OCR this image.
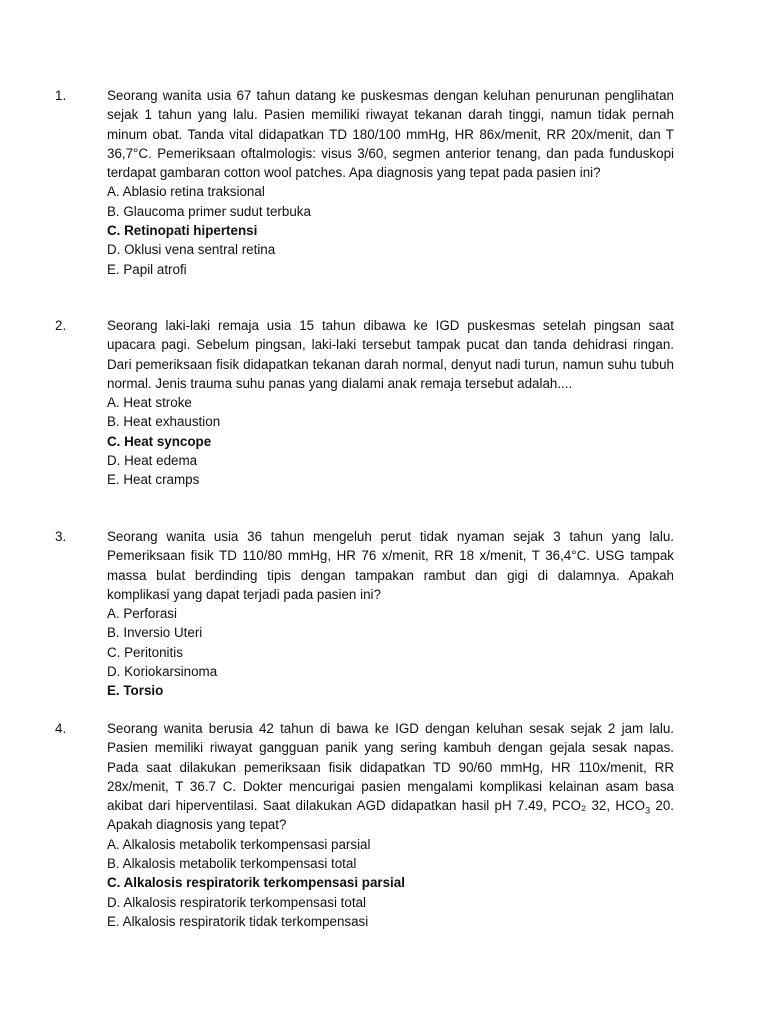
1.	Seorang wanita usia 67 tahun datang ke puskesmas dengan keluhan penurunan penglihatan sejak 1 tahun yang lalu. Pasien memiliki riwayat tekanan darah tinggi, namun tidak pernah minum obat. Tanda vital didapatkan TD 180/100 mmHg, HR 86x/menit, RR 20x/menit, dan T 36,7°C. Pemeriksaan oftalmologis: visus 3/60, segmen anterior tenang, dan pada funduskopi terdapat gambaran cotton wool patches. Apa diagnosis yang tepat pada pasien ini?

A. Ablasio retina traksional

B. Glaucoma primer sudut terbuka

C. Retinopati hipertensi

D. Oklusi vena sentral retina

E. Papil atrofi

2.	Seorang laki-laki remaja usia 15 tahun dibawa ke IGD puskesmas setelah pingsan saat upacara pagi. Sebelum pingsan, laki-laki tersebut tampak pucat dan tanda dehidrasi ringan. Dari pemeriksaan fisik didapatkan tekanan darah normal, denyut nadi turun, namun suhu tubuh normal. Jenis trauma suhu panas yang dialami anak remaja tersebut adalah....

A. Heat stroke

B. Heat exhaustion

C. Heat syncope

D. Heat edema

E. Heat cramps

3.	Seorang wanita usia 36 tahun mengeluh perut tidak nyaman sejak 3 tahun yang lalu. Pemeriksaan fisik TD 110/80 mmHg, HR 76 x/menit, RR 18 x/menit, T 36,4°C. USG tampak massa bulat berdinding tipis dengan tampakan rambut dan gigi di dalamnya. Apakah komplikasi yang dapat terjadi pada pasien ini?

A. Perforasi

B. Inversio Uteri

C. Peritonitis

D. Koriokarsinoma

E. Torsio

4.	Seorang wanita berusia 42 tahun di bawa ke IGD dengan keluhan sesak sejak 2 jam lalu. Pasien memiliki riwayat gangguan panik yang sering kambuh dengan gejala sesak napas. Pada saat dilakukan pemeriksaan fisik didapatkan TD 90/60 mmHg, HR 110x/menit, RR 28x/menit, T 36.7 C. Dokter mencurigai pasien mengalami komplikasi kelainan asam basa akibat dari hiperventilasi. Saat dilakukan AGD didapatkan hasil pH 7.49, PCO₂ 32, $HCO_3$ 20. Apakah diagnosis yang tepat?

A. Alkalosis metabolik terkompensasi parsial

B. Alkalosis metabolik terkompensasi total

C. Alkalosis respiratorik terkompensasi parsial

D. Alkalosis respiratorik terkompensasi total

E. Alkalosis respiratorik tidak terkompensasi
